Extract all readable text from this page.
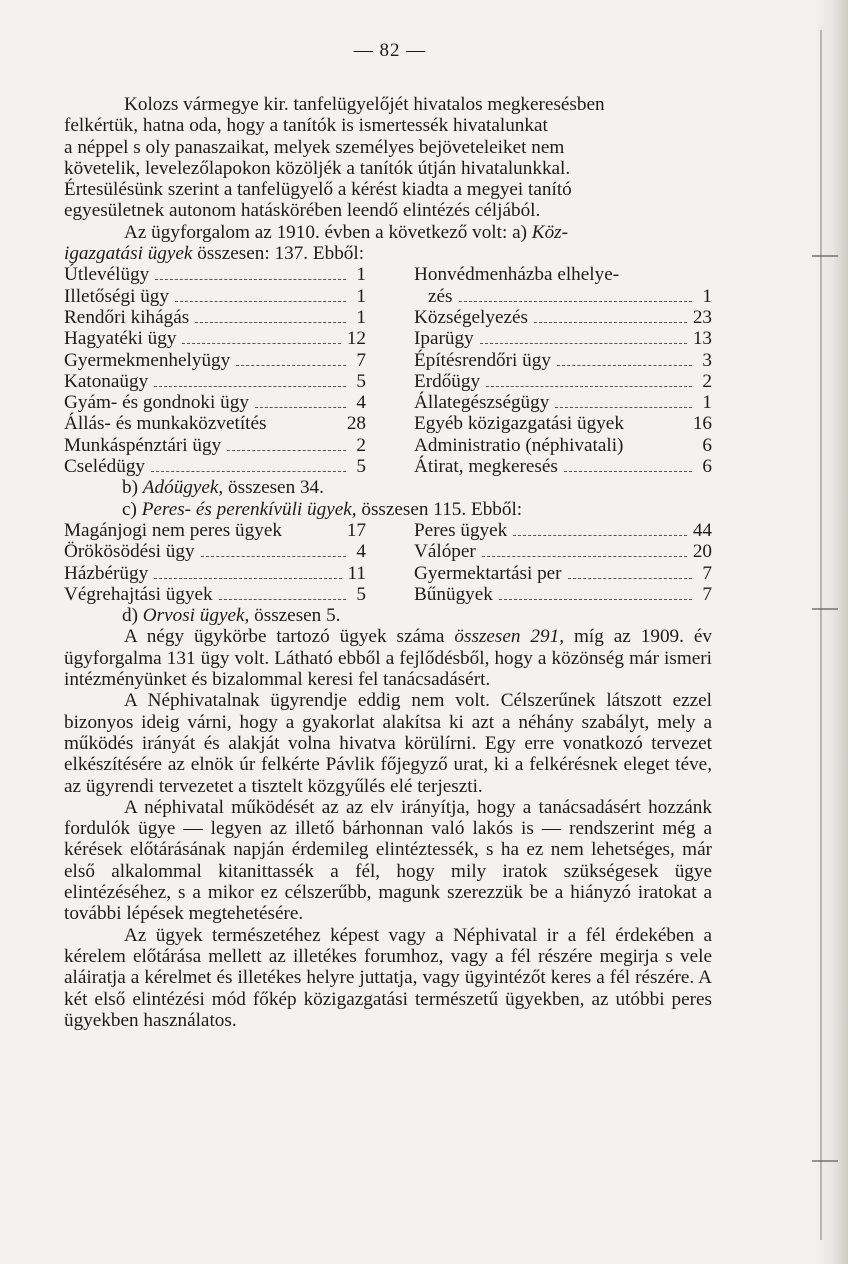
— 82 —
Kolozs vármegye kir. tanfelügyelőjét hivatalos megkeresésben
felkértük, hatna oda, hogy a tanítók is ismertessék hivatalunkat
a néppel s oly panaszaikat, melyek személyes bejöveteleiket nem
követelik, levelezőlapokon közöljék a tanítók útján hivatalunkkal.
Értesülésünk szerint a tanfelügyelő a kérést kiadta a megyei tanító
egyesületnek autonom hatáskörében leendő elintézés céljából.
Az ügyforgalom az 1910. évben a következő volt: a) Köz-
igazgatási ügyek összesen: 137. Ebből:
Útlevélügy	1
Illetőségi ügy	1
Rendőri kihágás	1
Hagyatéki ügy	12
Gyermekmenhelyügy	7
Katonaügy	5
Gyám- és gondnoki ügy	4
Állás- és munkaközvetítés	28
Munkáspénztári ügy	2
Cselédügy	5
Honvédmenházba elhelye-
zés	1
Községelyezés	23
Iparügy	13
Építésrendőri ügy	3
Erdőügy	2
Állategészségügy	1
Egyéb közigazgatási ügyek	16
Administratio (néphivatali)	6
Átirat, megkeresés	6
b) Adóügyek, összesen 34.
c) Peres- és perenkívüli ügyek, összesen 115. Ebből:
Magánjogi nem peres ügyek	17
Örökösödési ügy	4
Házbérügy	11
Végrehajtási ügyek	5
Peres ügyek	44
Válóper	20
Gyermektartási per	7
Bűnügyek	7
d) Orvosi ügyek, összesen 5.

A négy ügykörbe tartozó ügyek száma összesen 291, míg az 1909. év ügyforgalma 131 ügy volt. Látható ebből a fejlődésből, hogy a közönség már ismeri intézményünket és bizalommal keresi fel tanácsadásért.

A Néphivatalnak ügyrendje eddig nem volt. Célszerűnek látszott ezzel bizonyos ideig várni, hogy a gyakorlat alakítsa ki azt a néhány szabályt, mely a működés irányát és alakját volna hivatva körülírni. Egy erre vonatkozó tervezet elkészítésére az elnök úr felkérte Pávlik főjegyző urat, ki a felkérésnek eleget téve, az ügyrendi tervezetet a tisztelt közgyűlés elé terjeszti.

A néphivatal működését az az elv irányítja, hogy a tanácsadásért hozzánk fordulók ügye — legyen az illető bárhonnan való lakós is — rendszerint még a kérések előtárásának napján érdemileg elintéztessék, s ha ez nem lehetséges, már első alkalommal kitanittassék a fél, hogy mily iratok szükségesek ügye elintézéséhez, s a mikor ez célszerűbb, magunk szerezzük be a hiányzó iratokat a további lépések megtehetésére.

Az ügyek természetéhez képest vagy a Néphivatal ir a fél érdekében a kérelem előtárása mellett az illetékes forumhoz, vagy a fél részére megirja s vele aláiratja a kérelmet és illetékes helyre juttatja, vagy ügyintézőt keres a fél részére. A két első elintézési mód főkép közigazgatási természetű ügyekben, az utóbbi peres ügyekben használatos.
